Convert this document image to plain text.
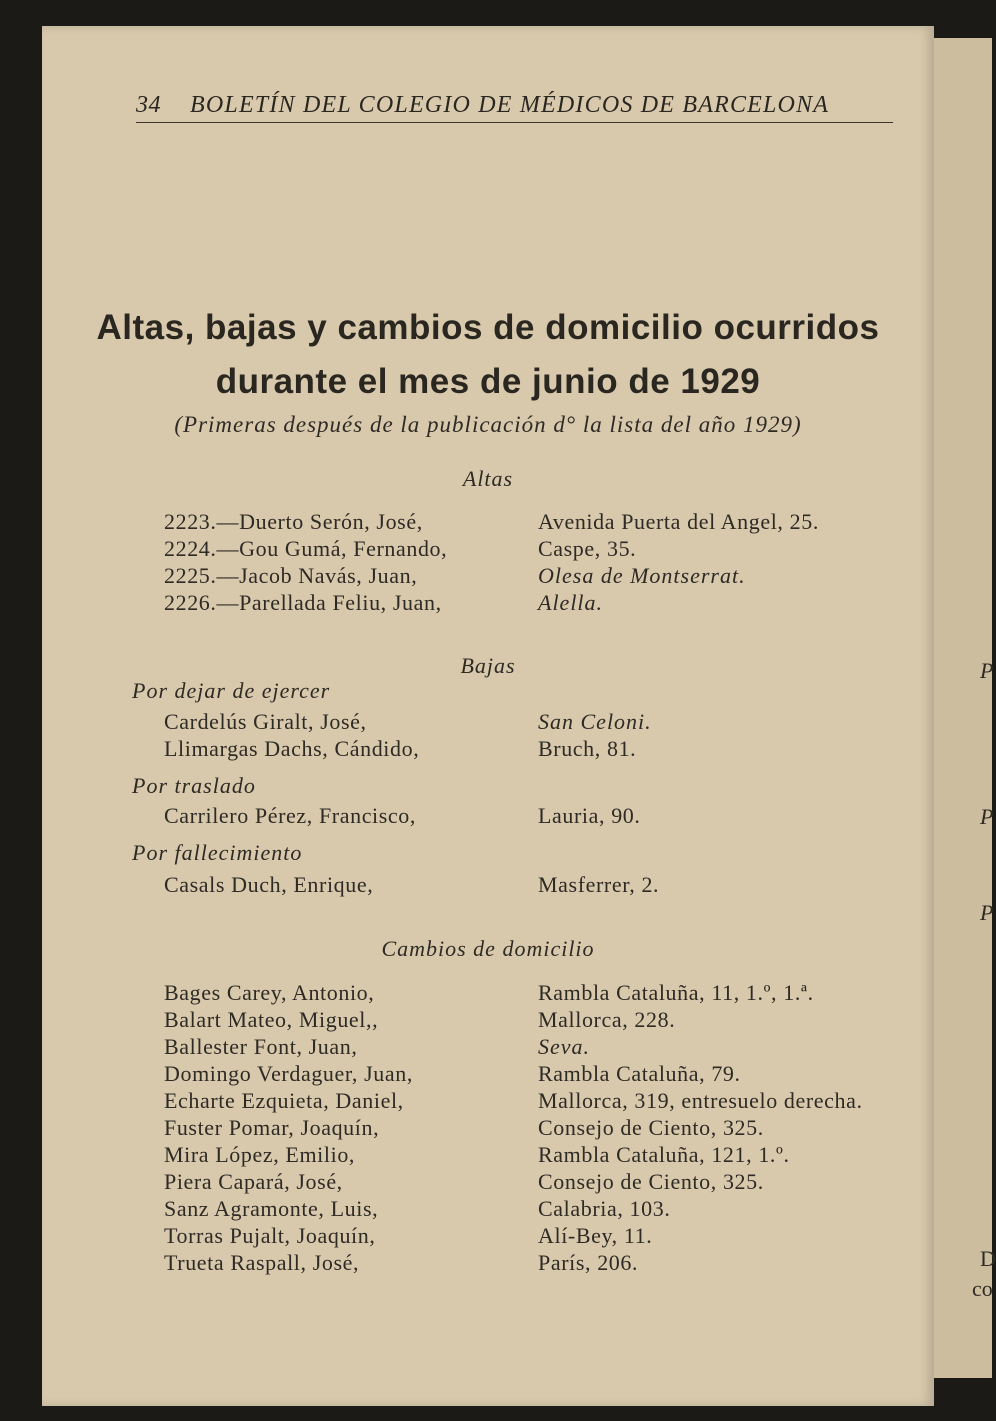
34 BOLETÍN DEL COLEGIO DE MÉDICOS DE BARCELONA
Altas, bajas y cambios de domicilio ocurridos
durante el mes de junio de 1929
(Primeras después de la publicación d° la lista del año 1929)
Altas
2223.—Duerto Serón, José,	Avenida Puerta del Angel, 25.
2224.—Gou Gumá, Fernando,	Caspe, 35.
2225.—Jacob Navás, Juan,	Olesa de Montserrat.
2226.—Parellada Feliu, Juan,	Alella.
Bajas
Por dejar de ejercer
Cardelús Giralt, José,	San Celoni.
Llimargas Dachs, Cándido,	Bruch, 81.
Por traslado
Carrilero Pérez, Francisco,	Lauria, 90.
Por fallecimiento
Casals Duch, Enrique,	Masferrer, 2.
Cambios de domicilio
Bages Carey, Antonio,	Rambla Cataluña, 11, 1.º, 1.ª.
Balart Mateo, Miguel,,	Mallorca, 228.
Ballester Font, Juan,	Seva.
Domingo Verdaguer, Juan,	Rambla Cataluña, 79.
Echarte Ezquieta, Daniel,	Mallorca, 319, entresuelo derecha.
Fuster Pomar, Joaquín,	Consejo de Ciento, 325.
Mira López, Emilio,	Rambla Cataluña, 121, 1.º.
Piera Capará, José,	Consejo de Ciento, 325.
Sanz Agramonte, Luis,	Calabria, 103.
Torras Pujalt, Joaquín,	Alí-Bey, 11.
Trueta Raspall, José,	París, 206.
P
P
P
D
co
